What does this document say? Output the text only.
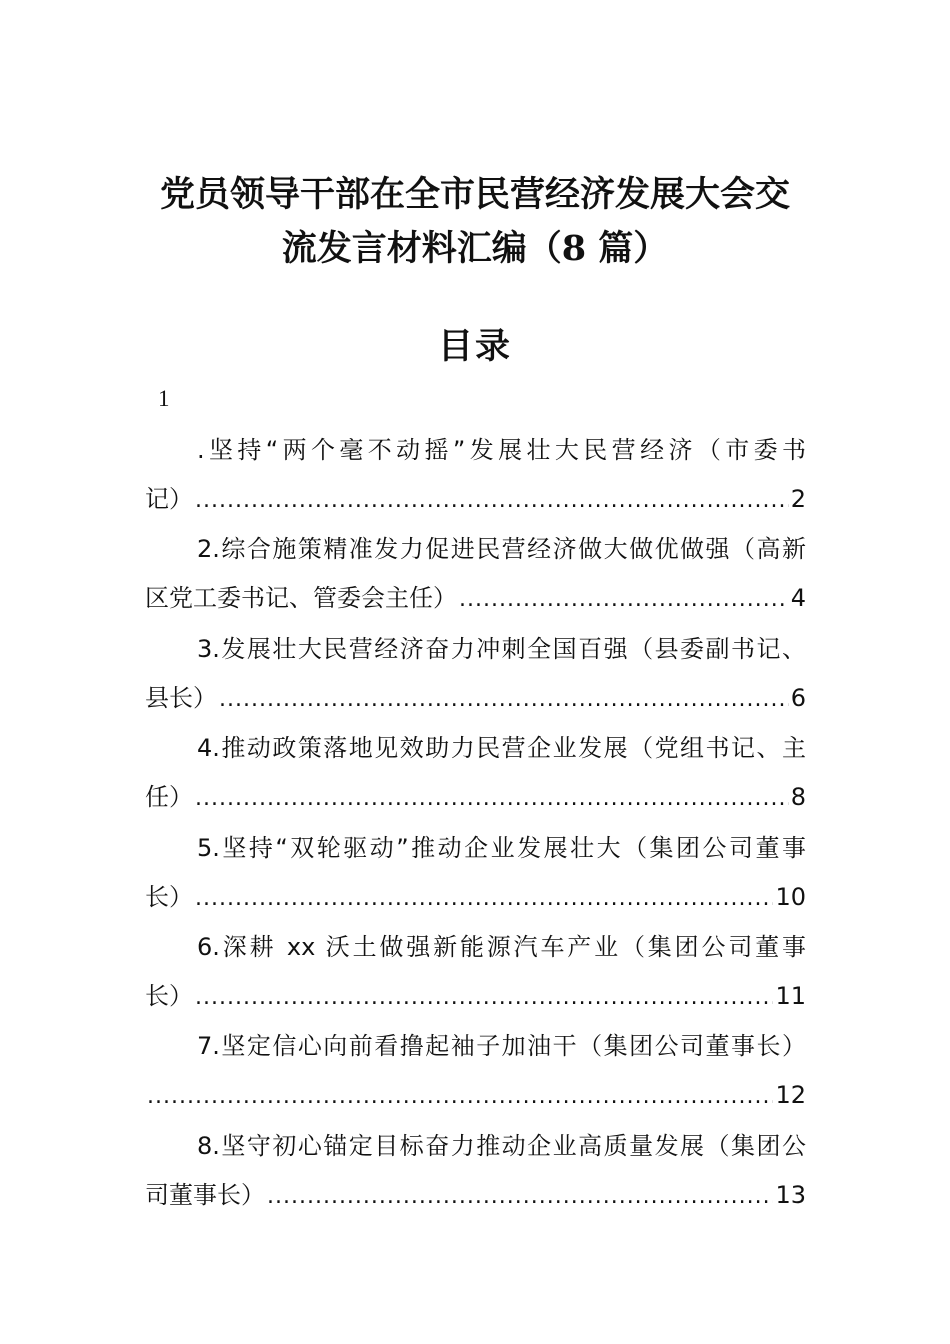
党员领导干部在全市民营经济发展大会交
流发言材料汇编（8 篇）
目录
1
.坚持“两个毫不动摇”发展壮大民营经济（市委书
记） .....	2
2.综合施策精准发力促进民营经济做大做优做强（高新
区党工委书记、管委会主任） .....	4
3.发展壮大民营经济奋力冲刺全国百强（县委副书记、
县长） .....	6
4.推动政策落地见效助力民营企业发展（党组书记、主
任） .....	8
5.坚持“双轮驱动”推动企业发展壮大（集团公司董事
长） .....	10
6.深耕 xx 沃土做强新能源汽车产业（集团公司董事
长） .....	11
7.坚定信心向前看撸起袖子加油干（集团公司董事长）
.....
12
8.坚守初心锚定目标奋力推动企业高质量发展（集团公
司董事长） .....	13
